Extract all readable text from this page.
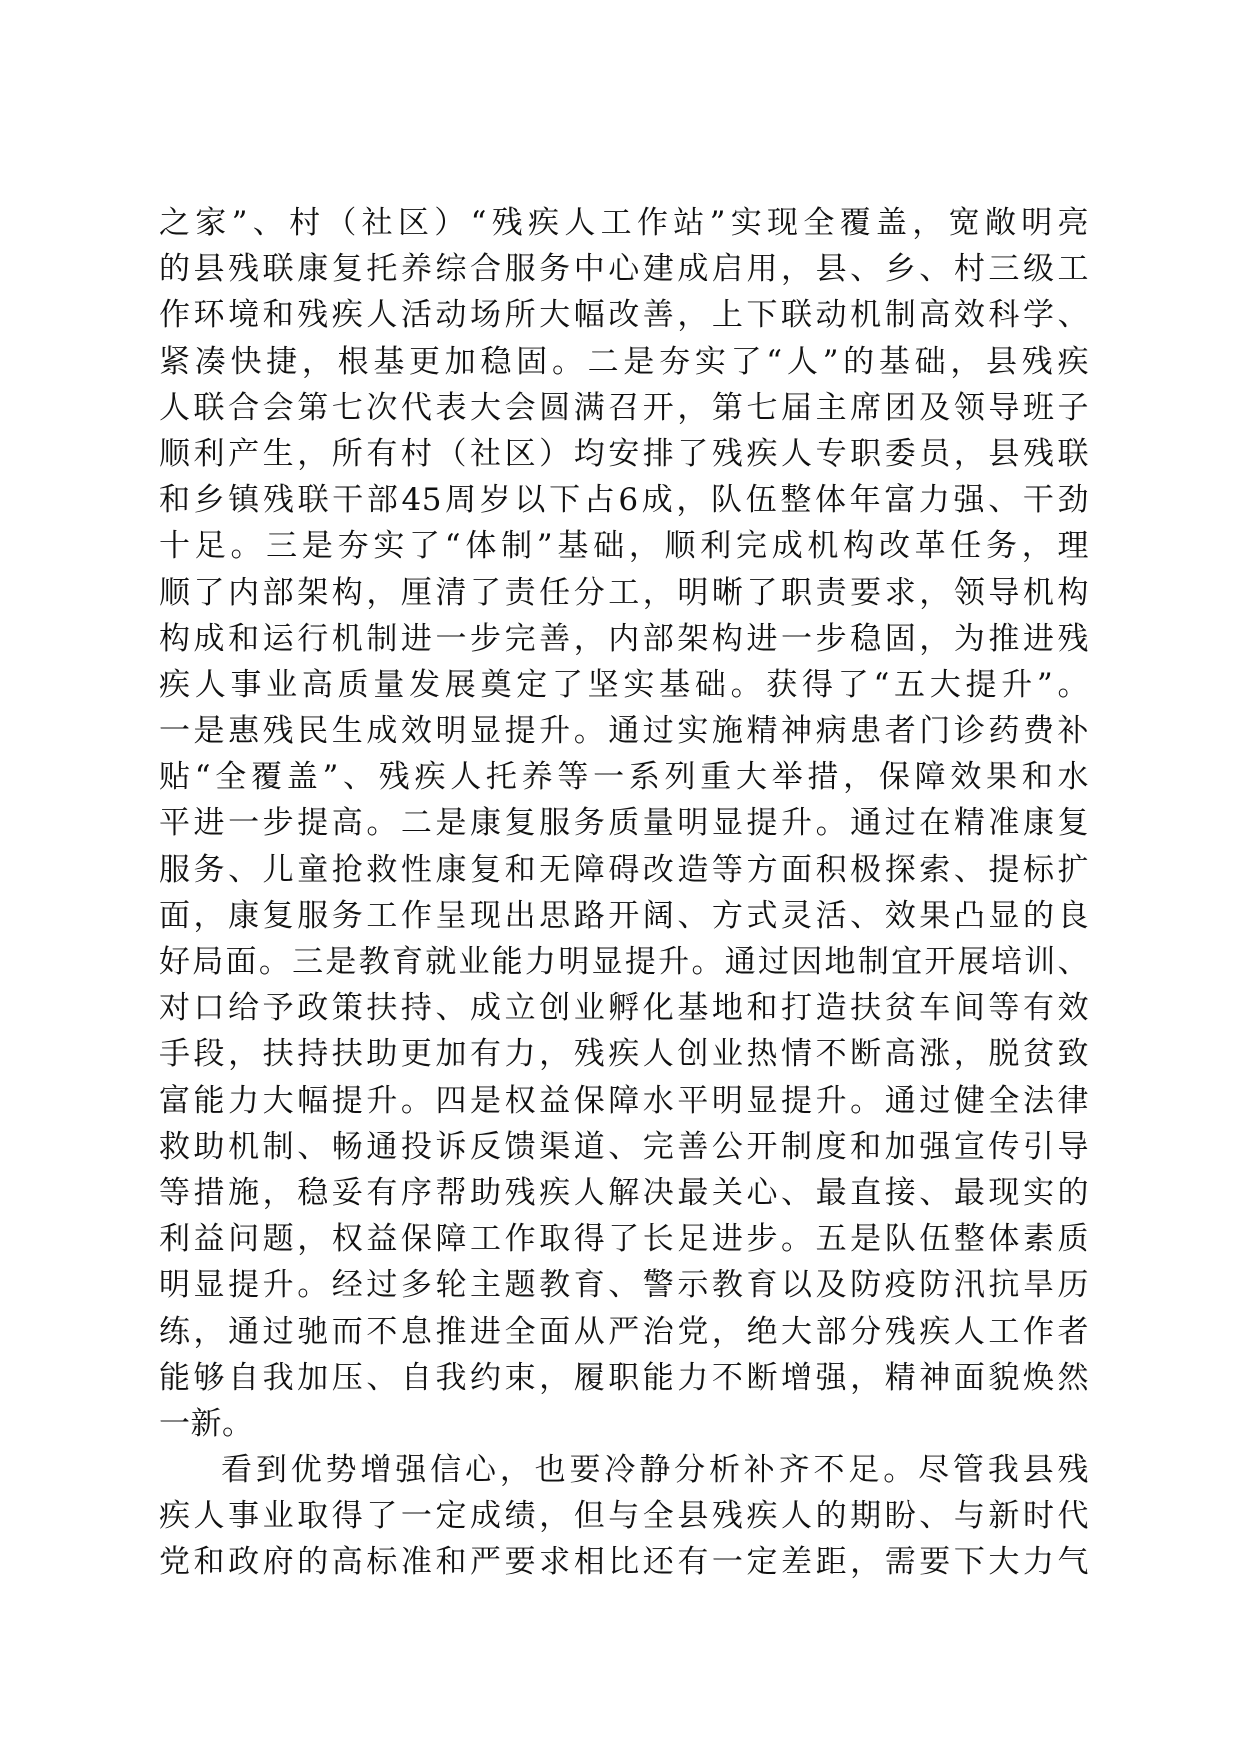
之家”、村（社区）“残疾人工作站”实现全覆盖，宽敞明亮
的县残联康复托养综合服务中心建成启用，县、乡、村三级工
作环境和残疾人活动场所大幅改善，上下联动机制高效科学、
紧凑快捷，根基更加稳固。二是夯实了“人”的基础，县残疾
人联合会第七次代表大会圆满召开，第七届主席团及领导班子
顺利产生，所有村（社区）均安排了残疾人专职委员，县残联
和乡镇残联干部45周岁以下占6成，队伍整体年富力强、干劲
十足。三是夯实了“体制”基础，顺利完成机构改革任务，理
顺了内部架构，厘清了责任分工，明晰了职责要求，领导机构
构成和运行机制进一步完善，内部架构进一步稳固，为推进残
疾人事业高质量发展奠定了坚实基础。获得了“五大提升”。
一是惠残民生成效明显提升。通过实施精神病患者门诊药费补
贴“全覆盖”、残疾人托养等一系列重大举措，保障效果和水
平进一步提高。二是康复服务质量明显提升。通过在精准康复
服务、儿童抢救性康复和无障碍改造等方面积极探索、提标扩
面，康复服务工作呈现出思路开阔、方式灵活、效果凸显的良
好局面。三是教育就业能力明显提升。通过因地制宜开展培训、
对口给予政策扶持、成立创业孵化基地和打造扶贫车间等有效
手段，扶持扶助更加有力，残疾人创业热情不断高涨，脱贫致
富能力大幅提升。四是权益保障水平明显提升。通过健全法律
救助机制、畅通投诉反馈渠道、完善公开制度和加强宣传引导
等措施，稳妥有序帮助残疾人解决最关心、最直接、最现实的
利益问题，权益保障工作取得了长足进步。五是队伍整体素质
明显提升。经过多轮主题教育、警示教育以及防疫防汛抗旱历
练，通过驰而不息推进全面从严治党，绝大部分残疾人工作者
能够自我加压、自我约束，履职能力不断增强，精神面貌焕然
一新。
看到优势增强信心，也要冷静分析补齐不足。尽管我县残
疾人事业取得了一定成绩，但与全县残疾人的期盼、与新时代
党和政府的高标准和严要求相比还有一定差距，需要下大力气
